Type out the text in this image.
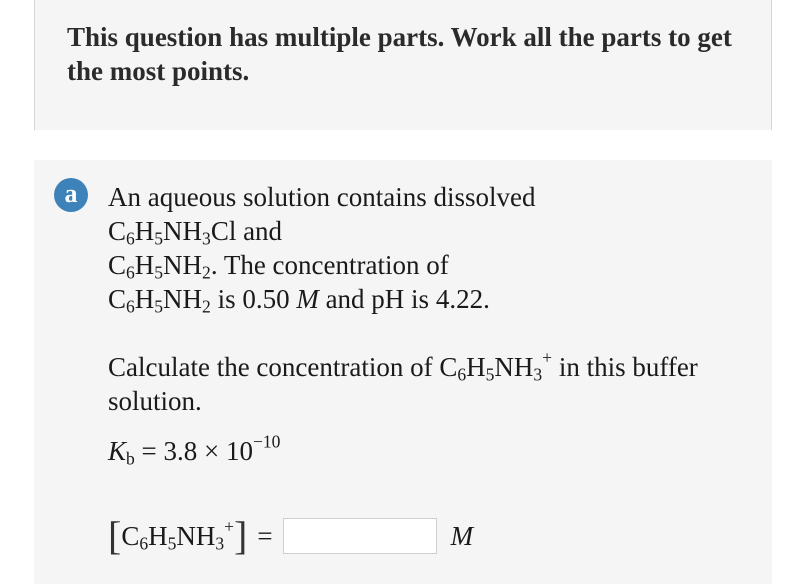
This question has multiple parts. Work all the parts to get the most points.
a	An aqueous solution contains dissolved

$C_6H_5NH_3Cl$ and

$C_6H_5NH_2$. The concentration of

$C_6H_5NH_2$ is 0.50 M and pH is 4.22.

Calculate the concentration of $C_6H_5NH_3^+$ in this buffer solution.

$K_b = 3.8 \times 10^{-10}$

[ $C_6H_5NH_3^+$ ] =	M
